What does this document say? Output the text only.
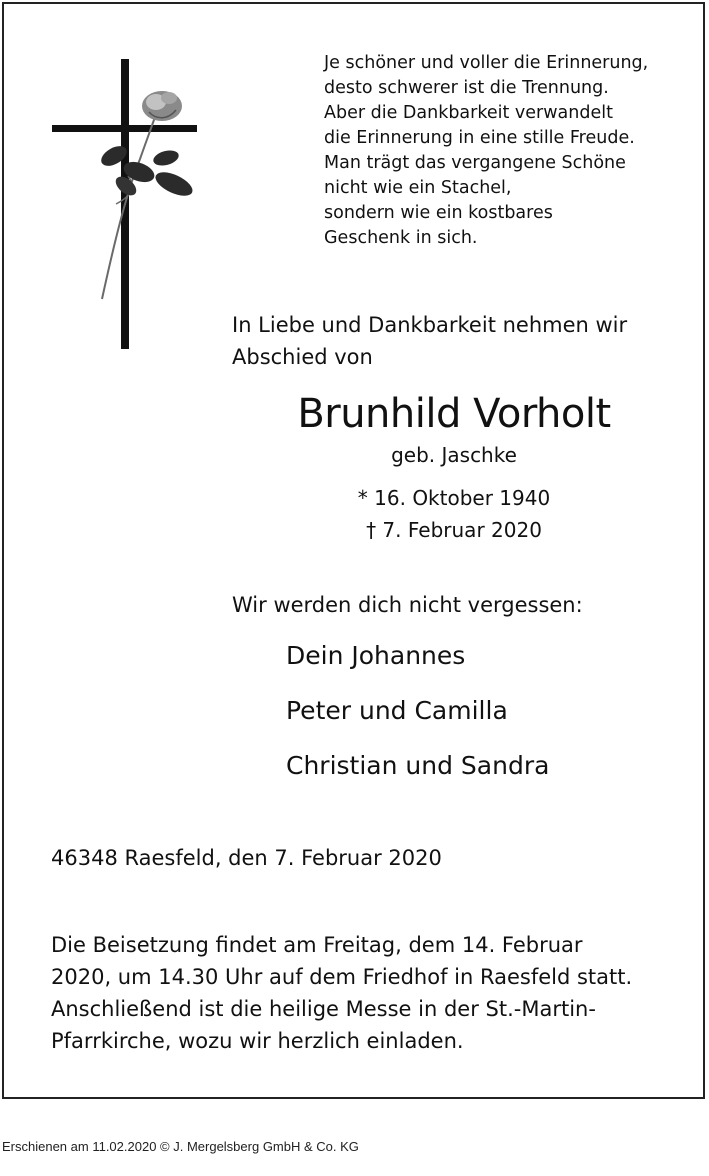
Je schöner und voller die Erinnerung,
desto schwerer ist die Trennung.
Aber die Dankbarkeit verwandelt
die Erinnerung in eine stille Freude.
Man trägt das vergangene Schöne
nicht wie ein Stachel,
sondern wie ein kostbares
Geschenk in sich.
In Liebe und Dankbarkeit nehmen wir
Abschied von
Brunhild Vorholt
geb. Jaschke
* 16. Oktober 1940
† 7. Februar 2020
Wir werden dich nicht vergessen:
Dein Johannes
Peter und Camilla
Christian und Sandra
46348 Raesfeld, den 7. Februar 2020
Die Beisetzung findet am Freitag, dem 14. Februar
2020, um 14.30 Uhr auf dem Friedhof in Raesfeld statt.
Anschließend ist die heilige Messe in der St.-Martin-
Pfarrkirche, wozu wir herzlich einladen.
Erschienen am 11.02.2020 © J. Mergelsberg GmbH & Co. KG
